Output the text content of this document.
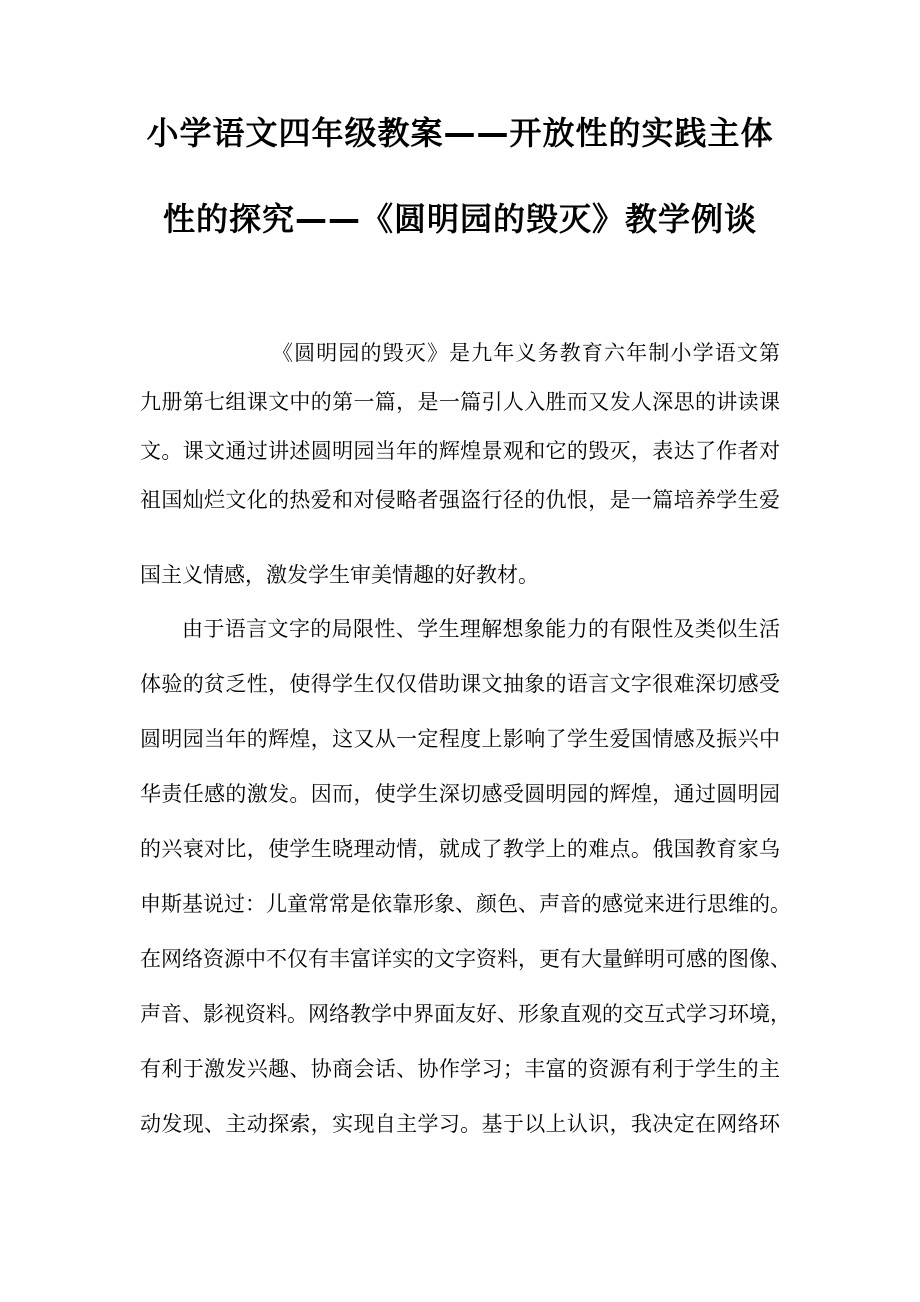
小学语文四年级教案——开放性的实践主体
性的探究——《圆明园的毁灭》教学例谈
《圆明园的毁灭》是九年义务教育六年制小学语文第
九册第七组课文中的第一篇，是一篇引人入胜而又发人深思的讲读课
文。课文通过讲述圆明园当年的辉煌景观和它的毁灭，表达了作者对
祖国灿烂文化的热爱和对侵略者强盗行径的仇恨，是一篇培养学生爱
国主义情感，激发学生审美情趣的好教材。
由于语言文字的局限性、学生理解想象能力的有限性及类似生活
体验的贫乏性，使得学生仅仅借助课文抽象的语言文字很难深切感受
圆明园当年的辉煌，这又从一定程度上影响了学生爱国情感及振兴中
华责任感的激发。因而，使学生深切感受圆明园的辉煌，通过圆明园
的兴衰对比，使学生晓理动情，就成了教学上的难点。俄国教育家乌
申斯基说过：儿童常常是依靠形象、颜色、声音的感觉来进行思维的。
在网络资源中不仅有丰富详实的文字资料，更有大量鲜明可感的图像、
声音、影视资料。网络教学中界面友好、形象直观的交互式学习环境，
有利于激发兴趣、协商会话、协作学习；丰富的资源有利于学生的主
动发现、主动探索，实现自主学习。基于以上认识，我决定在网络环
